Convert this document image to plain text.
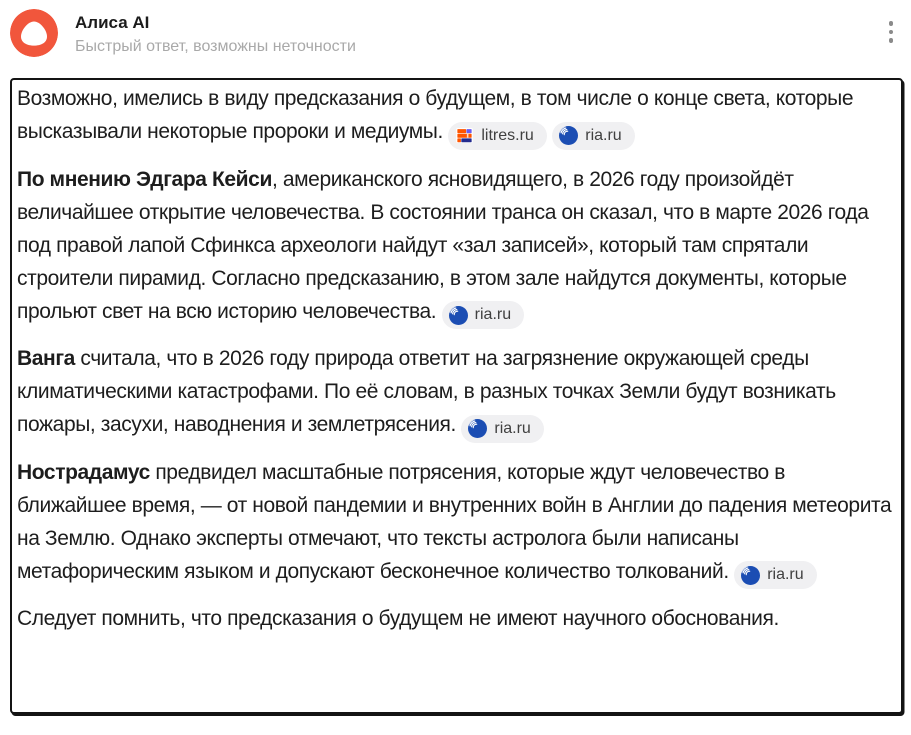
Алиса AI
Быстрый ответ, возможны неточности

Возможно, имелись в виду предсказания о будущем, в том числе о конце света, которые высказывали некоторые пророки и медиумы. litres.ru
	ria.ru

По мнению Эдгара Кейси, американского ясновидящего, в 2026 году произойдёт величайшее открытие человечества. В состоянии транса он сказал, что в марте 2026 года под правой лапой Сфинкса археологи найдут «зал записей», который там спрятали строители пирамид. Согласно предсказанию, в этом зале найдутся документы, которые прольют свет на всю историю человечества. ria.ru

Ванга считала, что в 2026 году природа ответит на загрязнение окружающей среды климатическими катастрофами. По её словам, в разных точках Земли будут возникать пожары, засухи, наводнения и землетрясения. ria.ru

Нострадамус предвидел масштабные потрясения, которые ждут человечество в ближайшее время, — от новой пандемии и внутренних войн в Англии до падения метеорита на Землю. Однако эксперты отмечают, что тексты астролога были написаны метафорическим языком и допускают бесконечное количество толкований. ria.ru

Следует помнить, что предсказания о будущем не имеют научного обоснования.
